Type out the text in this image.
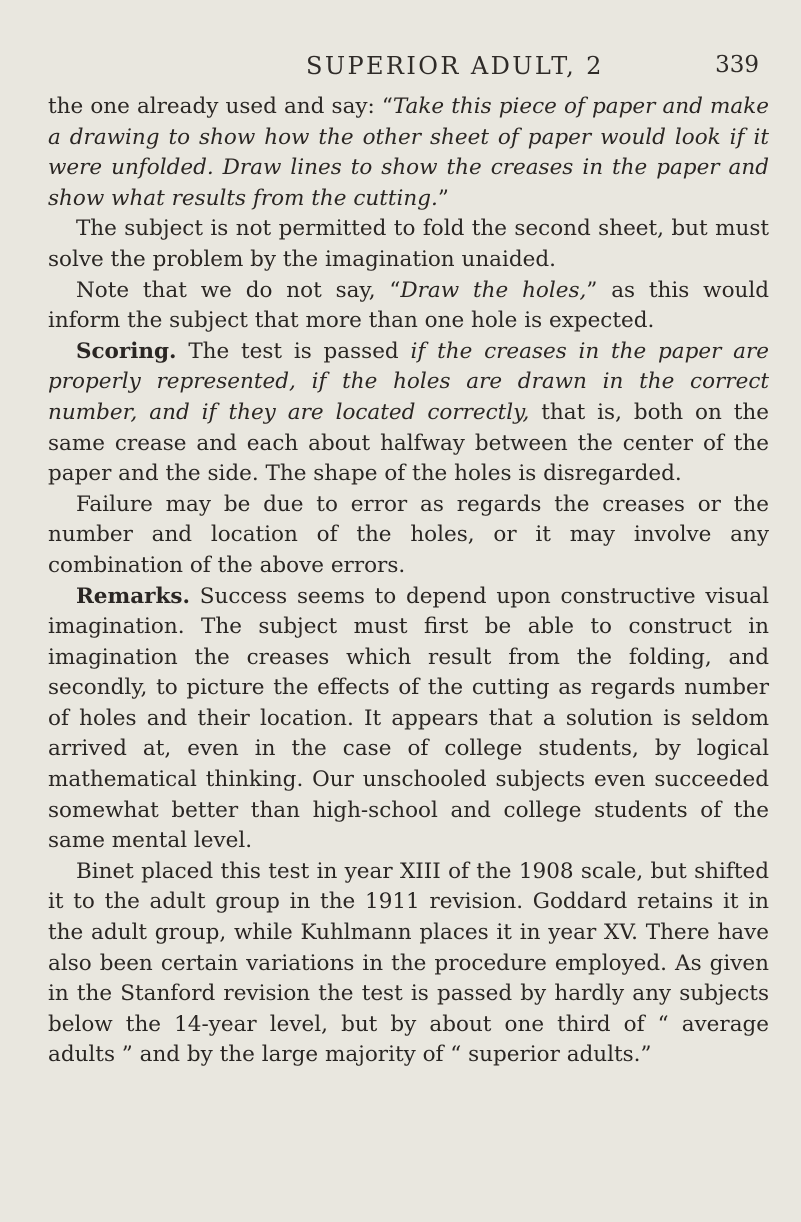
SUPERIOR ADULT, 2	339

the one already used and say: “Take this piece of paper and make a drawing to show how the other sheet of paper would look if it were unfolded. Draw lines to show the creases in the paper and show what results from the cutting.”

The subject is not permitted to fold the second sheet, but must solve the problem by the imagination unaided.

Note that we do not say, “Draw the holes,” as this would inform the subject that more than one hole is expected.

Scoring. The test is passed if the creases in the paper are properly represented, if the holes are drawn in the correct number, and if they are located correctly, that is, both on the same crease and each about halfway between the center of the paper and the side. The shape of the holes is disregarded.

Failure may be due to error as regards the creases or the number and location of the holes, or it may involve any combination of the above errors.

Remarks. Success seems to depend upon constructive visual imagination. The subject must first be able to construct in imagination the creases which result from the folding, and secondly, to picture the effects of the cutting as regards number of holes and their location. It appears that a solution is seldom arrived at, even in the case of college students, by logical mathematical thinking. Our unschooled subjects even succeeded somewhat better than high-school and college students of the same mental level.

Binet placed this test in year XIII of the 1908 scale, but shifted it to the adult group in the 1911 revision. Goddard retains it in the adult group, while Kuhlmann places it in year XV. There have also been certain variations in the procedure employed. As given in the Stanford revision the test is passed by hardly any subjects below the 14-year level, but by about one third of “ average adults ” and by the large majority of “ superior adults.”
